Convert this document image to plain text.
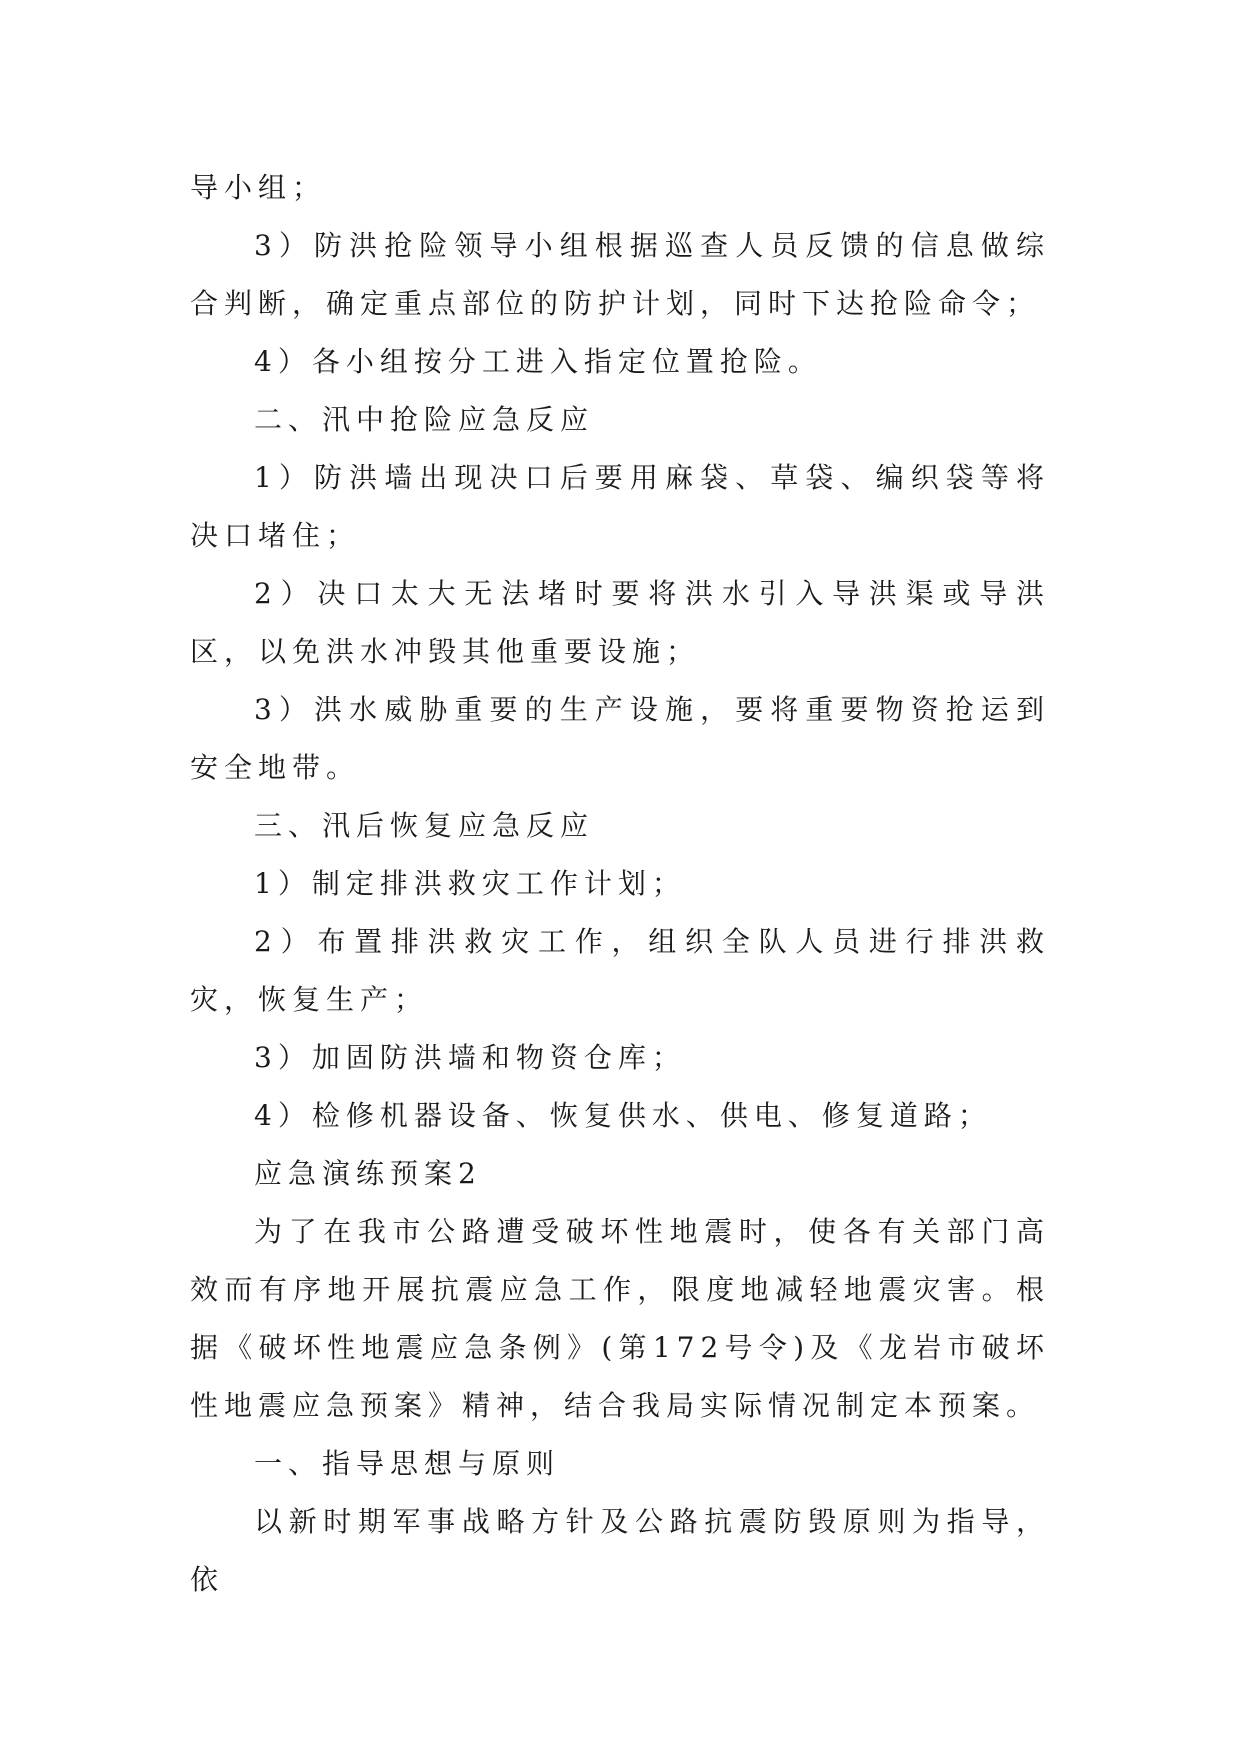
导小组；

3）防洪抢险领导小组根据巡查人员反馈的信息做综合判断，确定重点部位的防护计划，同时下达抢险命令；

4）各小组按分工进入指定位置抢险。

二、汛中抢险应急反应

1）防洪墙出现决口后要用麻袋、草袋、编织袋等将决口堵住；

2）决口太大无法堵时要将洪水引入导洪渠或导洪区，以免洪水冲毁其他重要设施；

3）洪水威胁重要的生产设施，要将重要物资抢运到安全地带。

三、汛后恢复应急反应

1）制定排洪救灾工作计划；

2）布置排洪救灾工作，组织全队人员进行排洪救灾，恢复生产；

3）加固防洪墙和物资仓库；

4）检修机器设备、恢复供水、供电、修复道路；

应急演练预案2

为了在我市公路遭受破坏性地震时，使各有关部门高效而有序地开展抗震应急工作，限度地减轻地震灾害。根据《破坏性地震应急条例》(第172号令)及《龙岩市破坏性地震应急预案》精神，结合我局实际情况制定本预案。

一、指导思想与原则

以新时期军事战略方针及公路抗震防毁原则为指导，依
